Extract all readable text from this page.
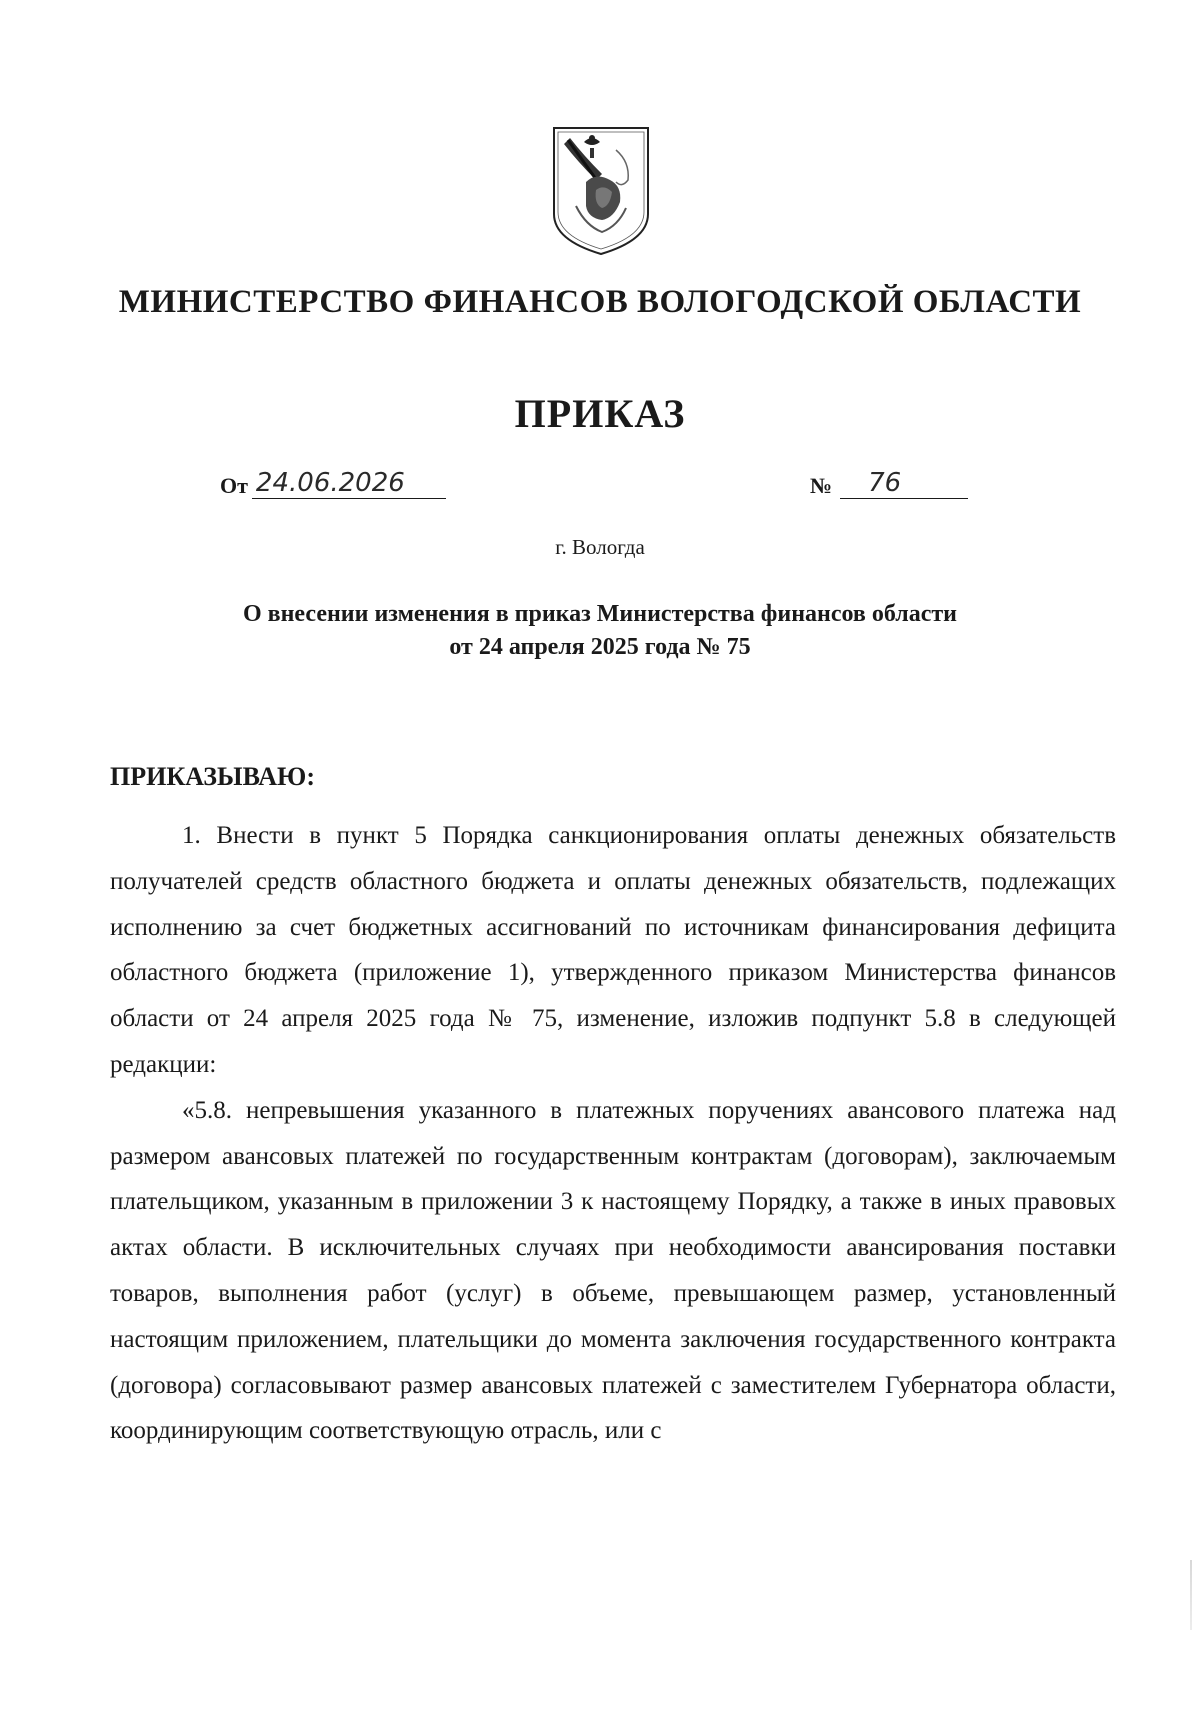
МИНИСТЕРСТВО ФИНАНСОВ ВОЛОГОДСКОЙ ОБЛАСТИ
ПРИКАЗ
От 24.06.2026	№	76
г. Вологда
О внесении изменения в приказ Министерства финансов области
от 24 апреля 2025 года № 75
ПРИКАЗЫВАЮ:

1. Внести в пункт 5 Порядка санкционирования оплаты денежных обязательств получателей средств областного бюджета и оплаты денежных обязательств, подлежащих исполнению за счет бюджетных ассигнований по источникам финансирования дефицита областного бюджета (приложение 1), утвержденного приказом Министерства финансов области от 24 апреля 2025 года № 75, изменение, изложив подпункт 5.8 в следующей редакции:

«5.8. непревышения указанного в платежных поручениях авансового платежа над размером авансовых платежей по государственным контрактам (договорам), заключаемым плательщиком, указанным в приложении 3 к настоящему Порядку, а также в иных правовых актах области. В исключительных случаях при необходимости авансирования поставки товаров, выполнения работ (услуг) в объеме, превышающем размер, установленный настоящим приложением, плательщики до момента заключения государственного контракта (договора) согласовывают размер авансовых платежей с заместителем Губернатора области, координирующим соответствующую отрасль, или с
